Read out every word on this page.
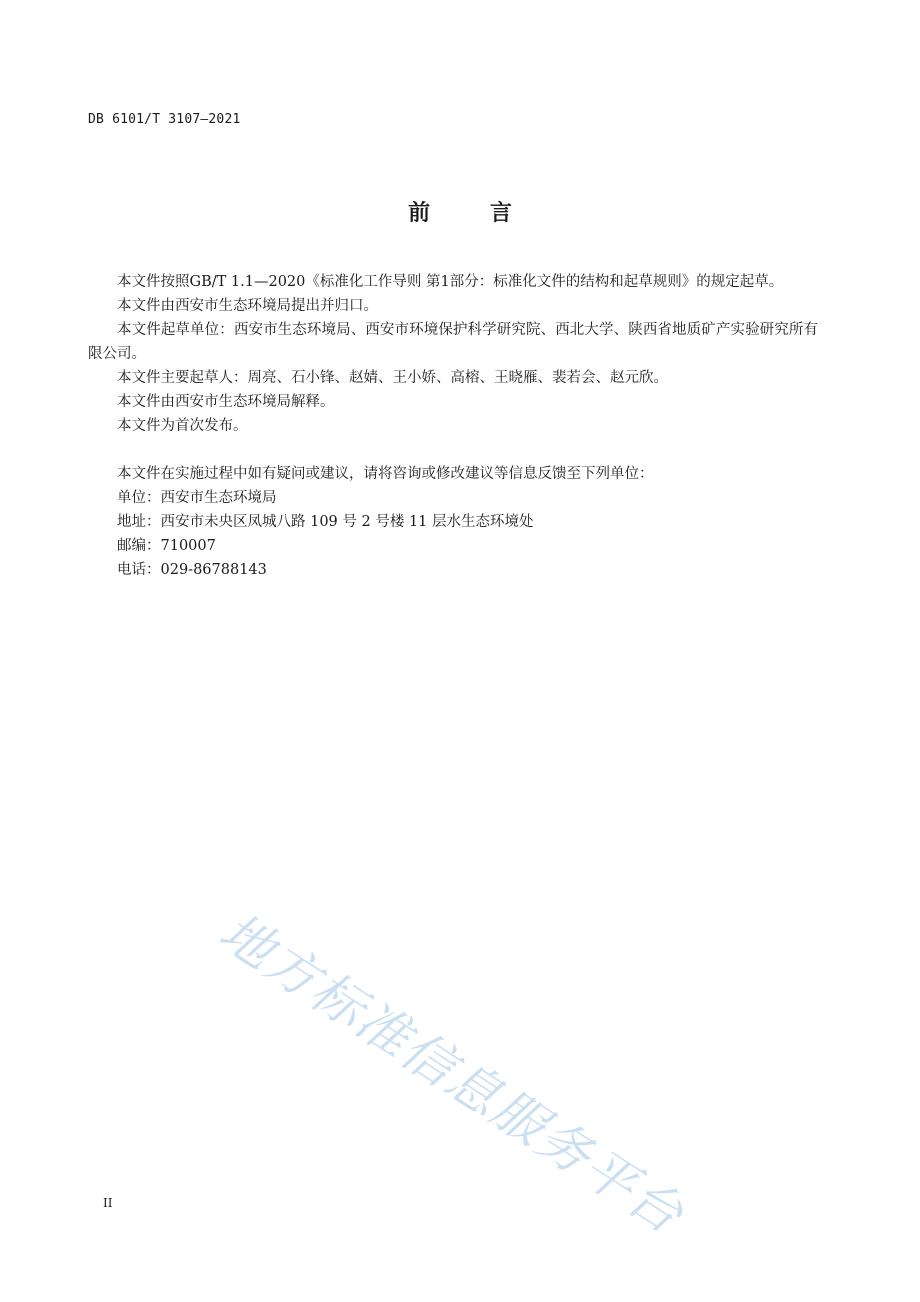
DB 6101/T 3107—2021
前 言

本文件按照GB/T 1.1—2020《标准化工作导则 第1部分：标准化文件的结构和起草规则》的规定起草。

本文件由西安市生态环境局提出并归口。

本文件起草单位：西安市生态环境局、西安市环境保护科学研究院、西北大学、陕西省地质矿产实验研究所有限公司。

本文件主要起草人：周亮、石小锋、赵婧、王小娇、高榕、王晓雁、裴若会、赵元欣。

本文件由西安市生态环境局解释。

本文件为首次发布。

本文件在实施过程中如有疑问或建议，请将咨询或修改建议等信息反馈至下列单位：

单位：西安市生态环境局

地址：西安市未央区凤城八路 109 号 2 号楼 11 层水生态环境处

邮编：710007

电话：029-86788143

地方标准信息服务平台
II
